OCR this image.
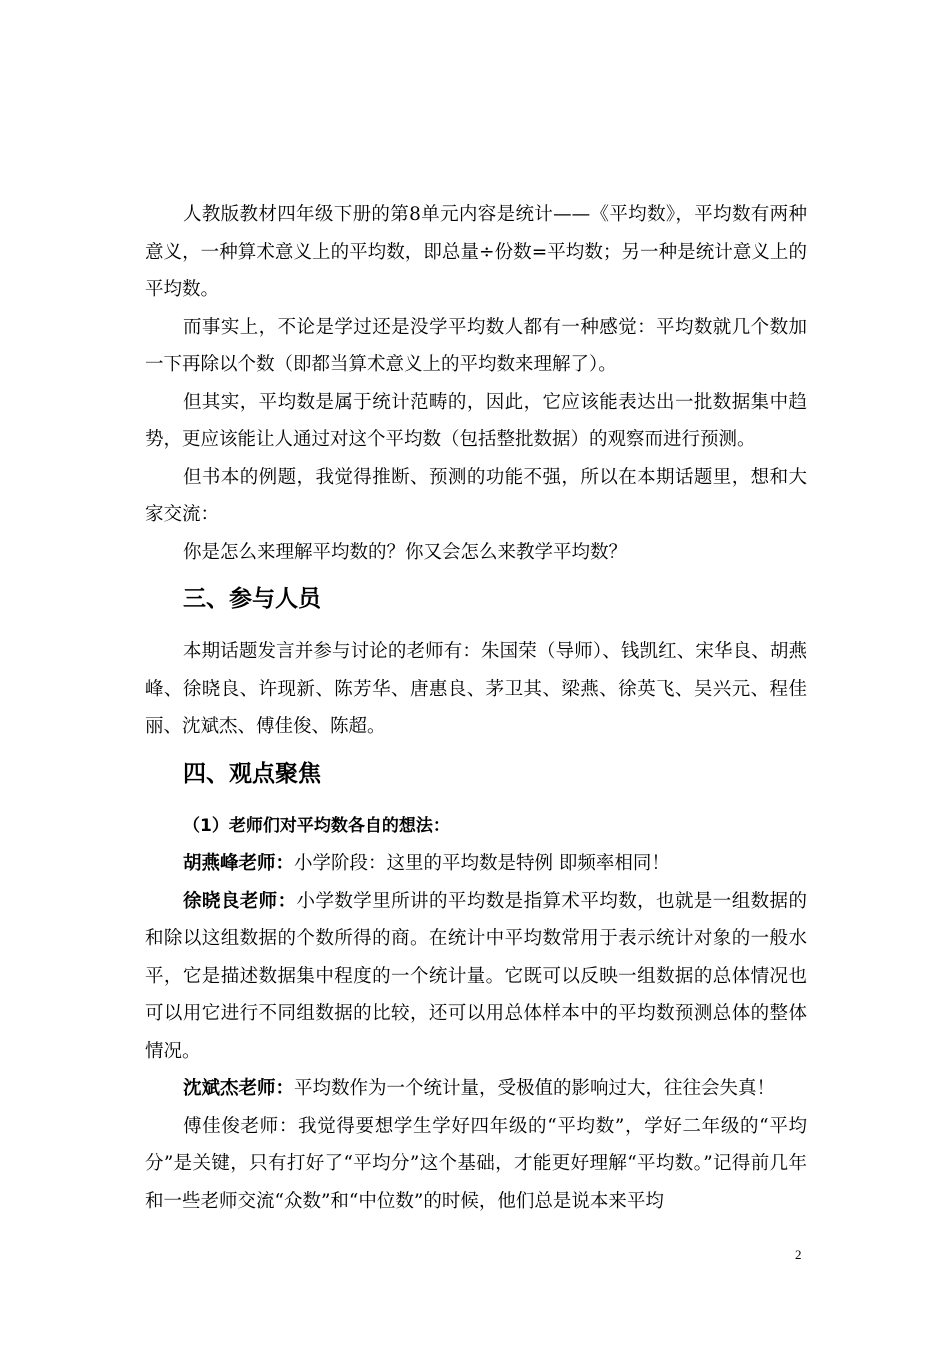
人教版教材四年级下册的第8单元内容是统计——《平均数》，平均数有两种意义，一种算术意义上的平均数，即总量÷份数=平均数；另一种是统计意义上的平均数。

而事实上，不论是学过还是没学平均数人都有一种感觉：平均数就几个数加一下再除以个数（即都当算术意义上的平均数来理解了）。

但其实，平均数是属于统计范畴的，因此，它应该能表达出一批数据集中趋势，更应该能让人通过对这个平均数（包括整批数据）的观察而进行预测。

但书本的例题，我觉得推断、预测的功能不强，所以在本期话题里，想和大家交流：

你是怎么来理解平均数的？你又会怎么来教学平均数？

三、参与人员

本期话题发言并参与讨论的老师有：朱国荣（导师）、钱凯红、宋华良、胡燕峰、徐晓良、许现新、陈芳华、唐惠良、茅卫其、梁燕、徐英飞、吴兴元、程佳丽、沈斌杰、傅佳俊、陈超。

四、观点聚焦
（1）老师们对平均数各自的想法：

胡燕峰老师：小学阶段：这里的平均数是特例 即频率相同！

徐晓良老师：小学数学里所讲的平均数是指算术平均数，也就是一组数据的和除以这组数据的个数所得的商。在统计中平均数常用于表示统计对象的一般水平，它是描述数据集中程度的一个统计量。它既可以反映一组数据的总体情况也可以用它进行不同组数据的比较，还可以用总体样本中的平均数预测总体的整体情况。

沈斌杰老师：平均数作为一个统计量，受极值的影响过大，往往会失真！

傅佳俊老师：我觉得要想学生学好四年级的“平均数”，学好二年级的“平均分”是关键，只有打好了“平均分”这个基础，才能更好理解“平均数。”记得前几年和一些老师交流“众数”和“中位数”的时候，他们总是说本来平均

2
